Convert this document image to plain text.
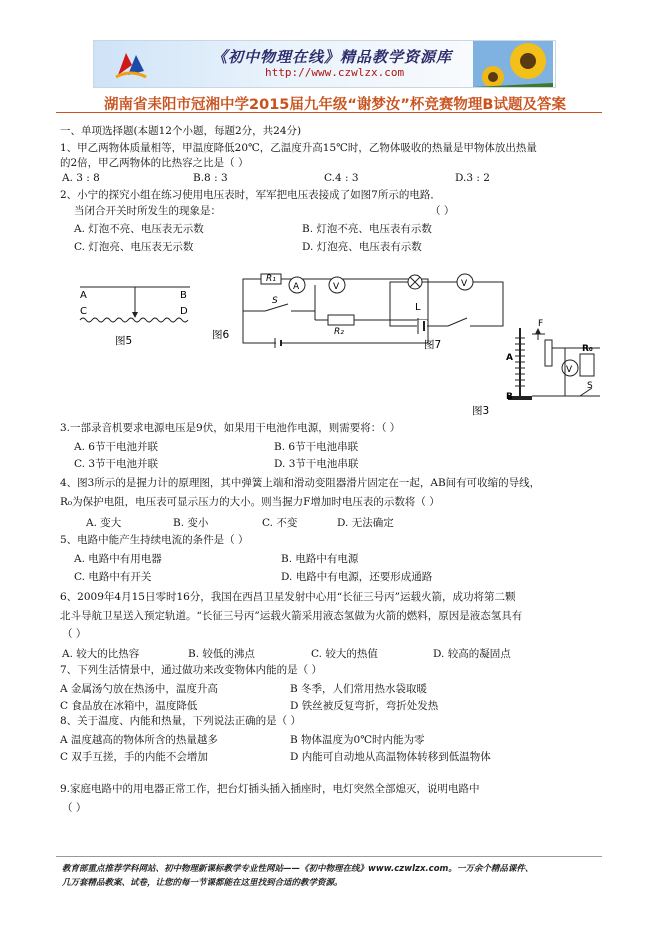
《初中物理在线》精品教学资源库
http://www.czwlzx.com
湖南省耒阳市冠湘中学2015届九年级“谢梦汝”杯竞赛物理B试题及答案
一、单项选择题(本题12个小题，每题2分，共24分)
1、甲乙两物体质量相等，甲温度降低20℃，乙温度升高15℃时，乙物体吸收的热量是甲物体放出热量
的2倍，甲乙两物体的比热容之比是（ ）
A. 3 : 8	B.8 : 3	C.4 : 3	D.3 : 2
2、小宁的探究小组在练习使用电压表时，军军把电压表接成了如图7所示的电路．
当闭合开关时所发生的现象是：	（ ）
A. 灯泡不亮、电压表无示数	B. 灯泡不亮、电压表有示数
C. 灯泡亮、电压表无示数	D. 灯泡亮、电压表有示数
A	B
C	D
图5
A	V
R₁
S
R₂
图6
V
L
图7
V
F
A
B
R₀
S
图3
3.一部录音机要求电源电压是9伏，如果用干电池作电源，则需要将：（ ）
A. 6节干电池并联	B. 6节干电池串联
C. 3节干电池并联	D. 3节干电池串联
4、图3所示的是握力计的原理图，其中弹簧上端和滑动变阻器滑片固定在一起，AB间有可收缩的导线，
R₀为保护电阻，电压表可显示压力的大小。则当握力F增加时电压表的示数将（ ）
A. 变大	B. 变小	C. 不变	D. 无法确定
5、电路中能产生持续电流的条件是（ ）
A. 电路中有用电器	B. 电路中有电源
C. 电路中有开关	D. 电路中有电源，还要形成通路
6、2009年4月15日零时16分，我国在西昌卫星发射中心用“长征三号丙”运载火箭，成功将第二颗
北斗导航卫星送入预定轨道。“长征三号丙”运载火箭采用液态氢做为火箭的燃料，原因是液态氢具有
（ ）
A. 较大的比热容	B. 较低的沸点	C. 较大的热值	D. 较高的凝固点
7、下列生活情景中，通过做功来改变物体内能的是（ ）
A 金属汤勺放在热汤中，温度升高	B 冬季，人们常用热水袋取暖
C 食品放在冰箱中，温度降低	D 铁丝被反复弯折，弯折处发热
8、关于温度、内能和热量，下列说法正确的是（ ）
A 温度越高的物体所含的热量越多	B 物体温度为0℃时内能为零
C 双手互搓，手的内能不会增加	D 内能可自动地从高温物体转移到低温物体
9.家庭电路中的用电器正常工作，把台灯插头插入插座时，电灯突然全部熄灭，说明电路中
（ ）
教育部重点推荐学科网站、初中物理新课标教学专业性网站——《初中物理在线》www.czwlzx.com。一万余个精品课件、
几万套精品教案、试卷，让您的每一节课都能在这里找到合适的教学资源。
